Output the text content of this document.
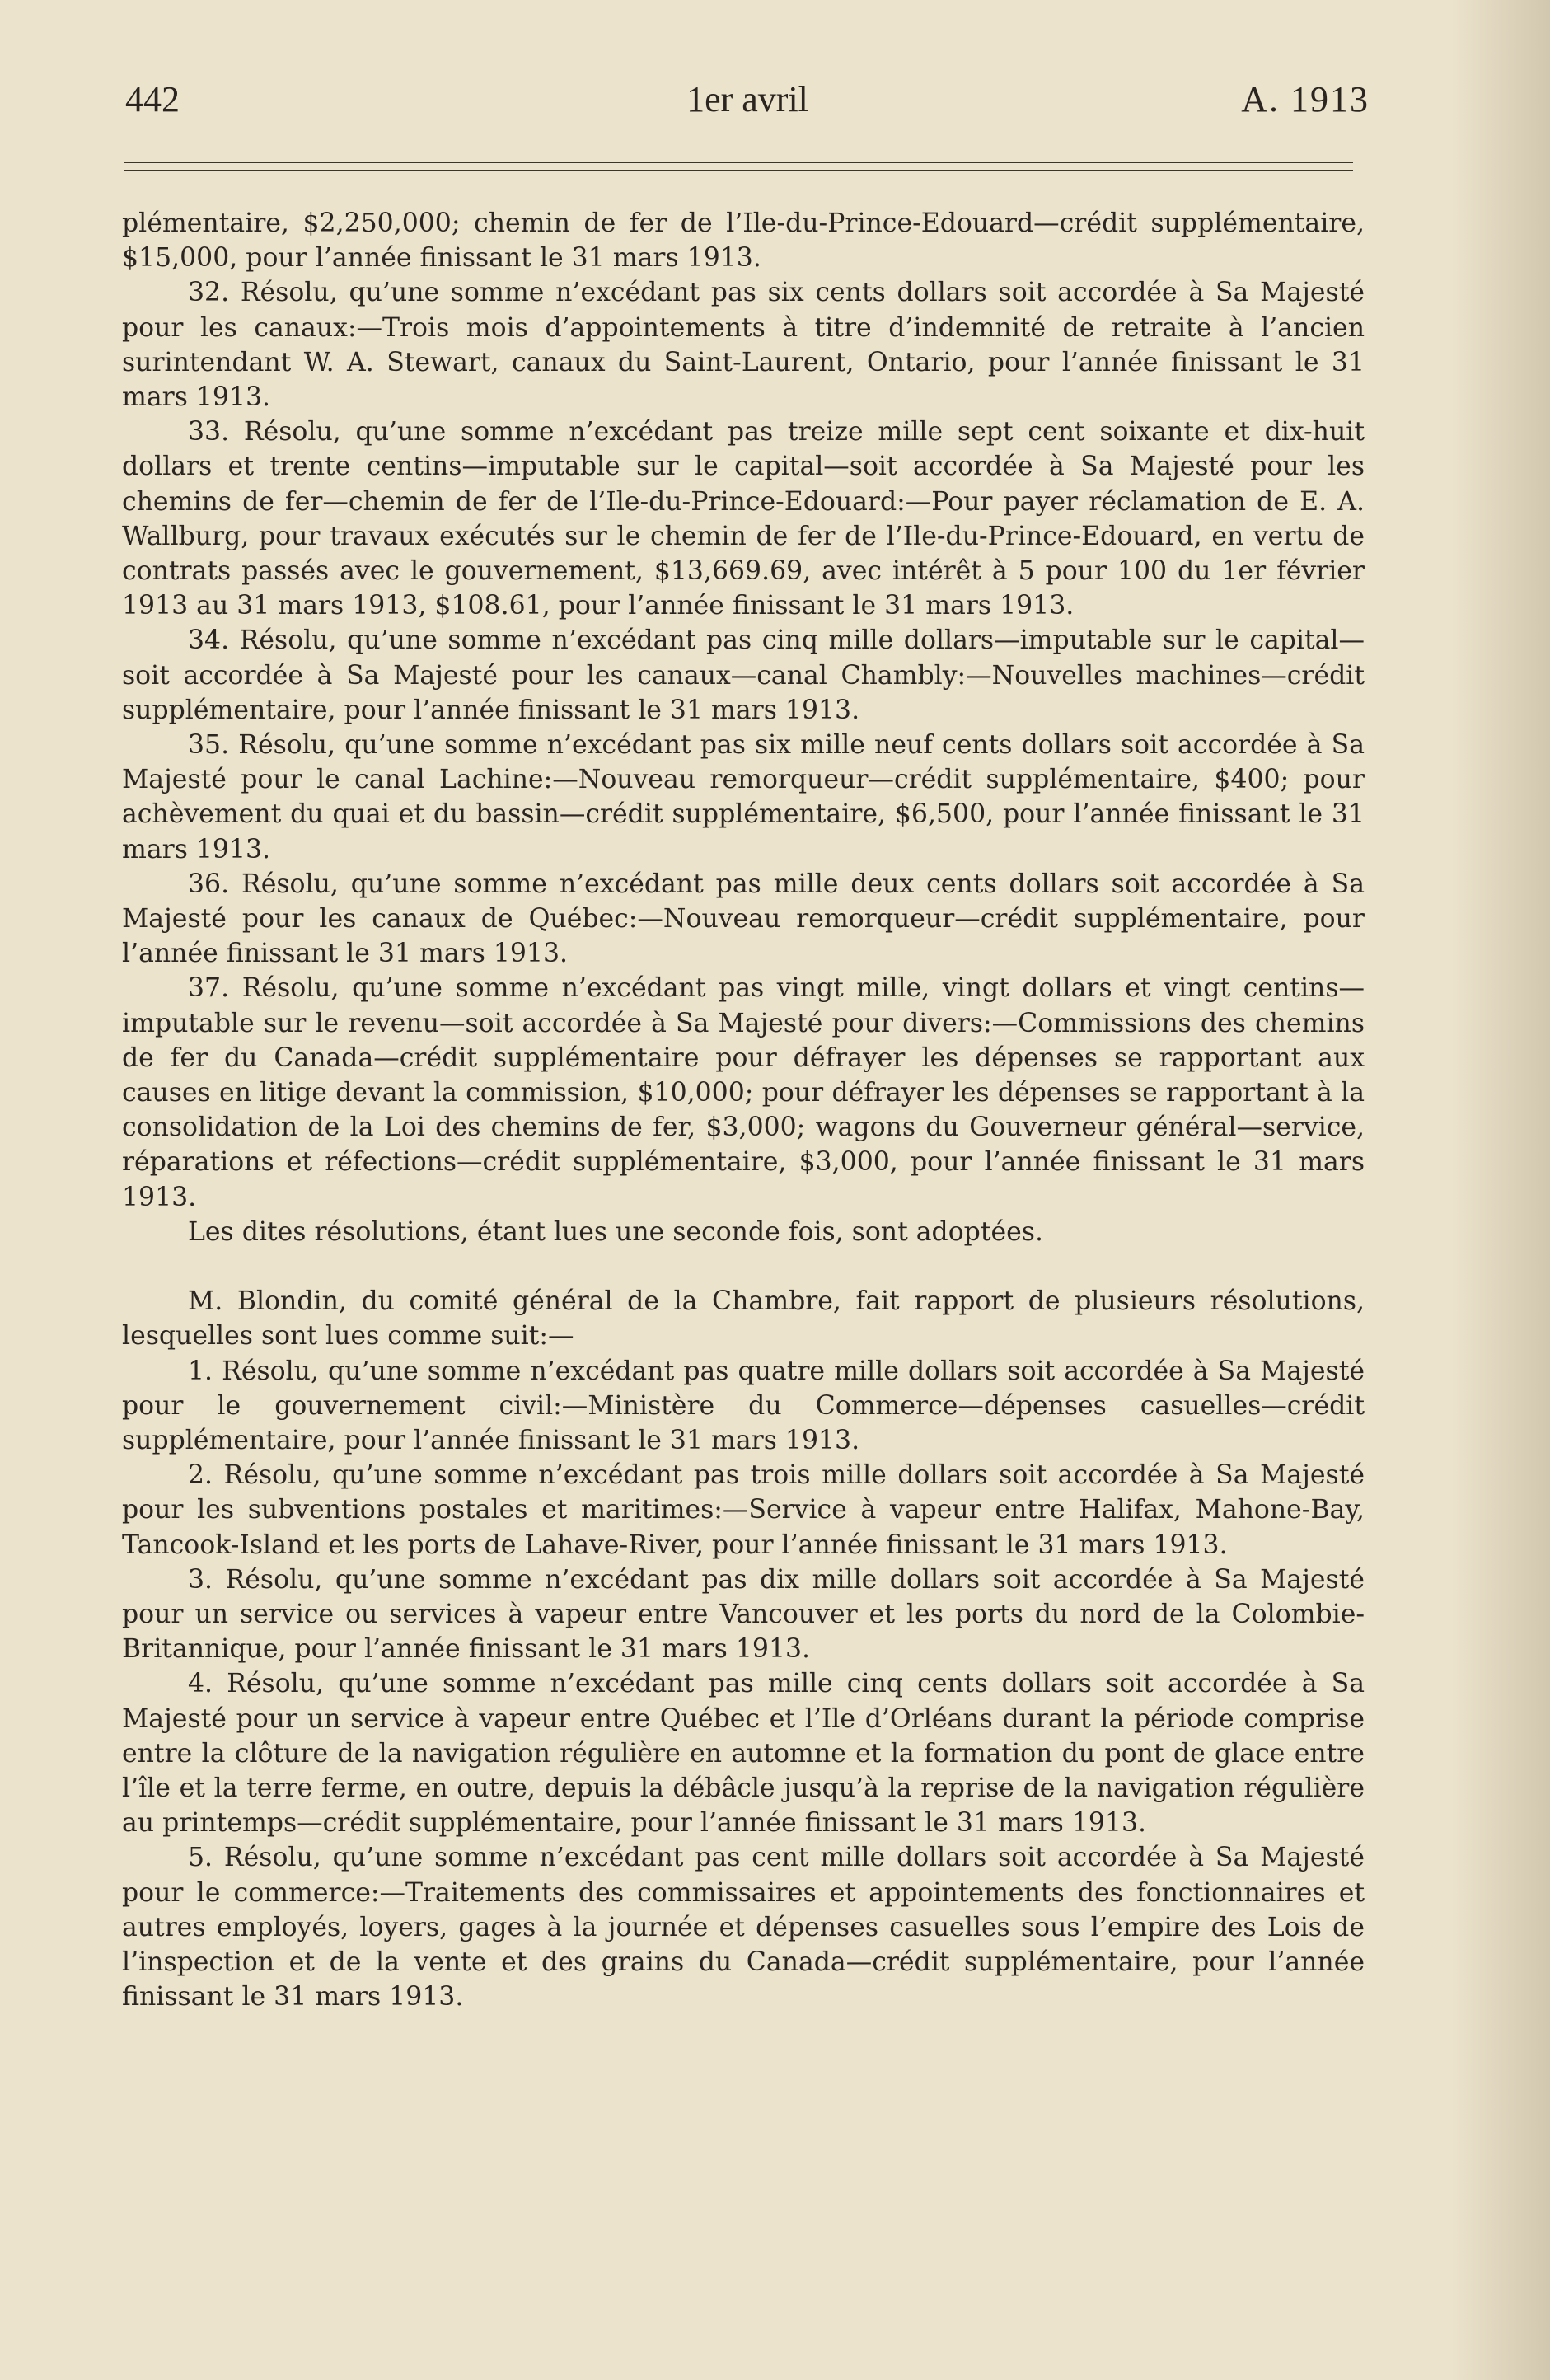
442	1er avril	A. 1913

plémentaire, $2,250,000; chemin de fer de l’Ile-du-Prince-Edouard—crédit supplémentaire, $15,000, pour l’année finissant le 31 mars 1913.

32. Résolu, qu’une somme n’excédant pas six cents dollars soit accordée à Sa Majesté pour les canaux:—Trois mois d’appointements à titre d’indemnité de retraite à l’ancien surintendant W. A. Stewart, canaux du Saint-Laurent, Ontario, pour l’année finissant le 31 mars 1913.

33. Résolu, qu’une somme n’excédant pas treize mille sept cent soixante et dix-huit dollars et trente centins—imputable sur le capital—soit accordée à Sa Majesté pour les chemins de fer—chemin de fer de l’Ile-du-Prince-Edouard:—Pour payer réclamation de E. A. Wallburg, pour travaux exécutés sur le chemin de fer de l’Ile-du-Prince-Edouard, en vertu de contrats passés avec le gouvernement, $13,669.69, avec intérêt à 5 pour 100 du 1er février 1913 au 31 mars 1913, $108.61, pour l’année finissant le 31 mars 1913.

34. Résolu, qu’une somme n’excédant pas cinq mille dollars—imputable sur le capital—soit accordée à Sa Majesté pour les canaux—canal Chambly:—Nouvelles machines—crédit supplémentaire, pour l’année finissant le 31 mars 1913.

35. Résolu, qu’une somme n’excédant pas six mille neuf cents dollars soit accordée à Sa Majesté pour le canal Lachine:—Nouveau remorqueur—crédit supplémentaire, $400; pour achèvement du quai et du bassin—crédit supplémentaire, $6,500, pour l’année finissant le 31 mars 1913.

36. Résolu, qu’une somme n’excédant pas mille deux cents dollars soit accordée à Sa Majesté pour les canaux de Québec:—Nouveau remorqueur—crédit supplémentaire, pour l’année finissant le 31 mars 1913.

37. Résolu, qu’une somme n’excédant pas vingt mille, vingt dollars et vingt centins—imputable sur le revenu—soit accordée à Sa Majesté pour divers:—Commissions des chemins de fer du Canada—crédit supplémentaire pour défrayer les dépenses se rapportant aux causes en litige devant la commission, $10,000; pour défrayer les dépenses se rapportant à la consolidation de la Loi des chemins de fer, $3,000; wagons du Gouverneur général—service, réparations et réfections—crédit supplémentaire, $3,000, pour l’année finissant le 31 mars 1913.

Les dites résolutions, étant lues une seconde fois, sont adoptées.

M. Blondin, du comité général de la Chambre, fait rapport de plusieurs résolutions, lesquelles sont lues comme suit:—

1. Résolu, qu’une somme n’excédant pas quatre mille dollars soit accordée à Sa Majesté pour le gouvernement civil:—Ministère du Commerce—dépenses casuelles—crédit supplémentaire, pour l’année finissant le 31 mars 1913.

2. Résolu, qu’une somme n’excédant pas trois mille dollars soit accordée à Sa Majesté pour les subventions postales et maritimes:—Service à vapeur entre Halifax, Mahone-Bay, Tancook-Island et les ports de Lahave-River, pour l’année finissant le 31 mars 1913.

3. Résolu, qu’une somme n’excédant pas dix mille dollars soit accordée à Sa Majesté pour un service ou services à vapeur entre Vancouver et les ports du nord de la Colombie-Britannique, pour l’année finissant le 31 mars 1913.

4. Résolu, qu’une somme n’excédant pas mille cinq cents dollars soit accordée à Sa Majesté pour un service à vapeur entre Québec et l’Ile d’Orléans durant la période comprise entre la clôture de la navigation régulière en automne et la formation du pont de glace entre l’île et la terre ferme, en outre, depuis la débâcle jusqu’à la reprise de la navigation régulière au printemps—crédit supplémentaire, pour l’année finissant le 31 mars 1913.

5. Résolu, qu’une somme n’excédant pas cent mille dollars soit accordée à Sa Majesté pour le commerce:—Traitements des commissaires et appointements des fonctionnaires et autres employés, loyers, gages à la journée et dépenses casuelles sous l’empire des Lois de l’inspection et de la vente et des grains du Canada—crédit supplémentaire, pour l’année finissant le 31 mars 1913.
